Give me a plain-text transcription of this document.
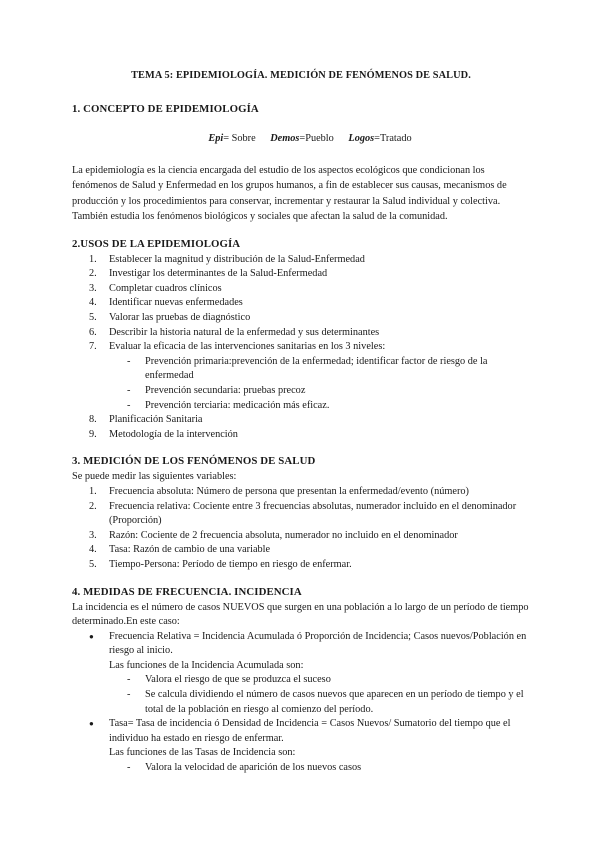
TEMA 5: EPIDEMIOLOGÍA. MEDICIÓN DE FENÓMENOS DE SALUD.
1. CONCEPTO DE EPIDEMIOLOGÍA
Epi= Sobre Demos=Pueblo Logos=Tratado

La epidemiología es la ciencia encargada del estudio de los aspectos ecológicos que condicionan los fenómenos de Salud y Enfermedad en los grupos humanos, a fin de establecer sus causas, mecanismos de producción y los procedimientos para conservar, incrementar y restaurar la Salud individual y colectiva. También estudia los fenómenos biológicos y sociales que afectan la salud de la comunidad.

2.USOS DE LA EPIDEMIOLOGÍA
1. Establecer la magnitud y distribución de la Salud-Enfermedad
2. Investigar los determinantes de la Salud-Enfermedad
3. Completar cuadros clínicos
4. Identificar nuevas enfermedades
5. Valorar las pruebas de diagnóstico
6. Describir la historia natural de la enfermedad y sus determinantes
7. Evaluar la eficacia de las intervenciones sanitarias en los 3 niveles:
- Prevención primaria:prevención de la enfermedad; identificar factor de riesgo de la enfermedad
- Prevención secundaria: pruebas precoz
- Prevención terciaria: medicación más eficaz.
8. Planificación Sanitaria
9. Metodología de la intervención
3. MEDICIÓN DE LOS FENÓMENOS DE SALUD

Se puede medir las siguientes variables:

1. Frecuencia absoluta: Número de persona que presentan la enfermedad/evento (número)
2. Frecuencia relativa: Cociente entre 3 frecuencias absolutas, numerador incluido en el denominador (Proporción)
3. Razón: Cociente de 2 frecuencia absoluta, numerador no incluido en el denominador
4. Tasa: Razón de cambio de una variable
5. Tiempo-Persona: Período de tiempo en riesgo de enfermar.
4. MEDIDAS DE FRECUENCIA. INCIDENCIA

La incidencia es el número de casos NUEVOS que surgen en una población a lo largo de un período de tiempo determinado.En este caso:

● Frecuencia Relativa = Incidencia Acumulada ó Proporción de Incidencia; Casos nuevos/Población en riesgo al inicio.
Las funciones de la Incidencia Acumulada son:
- Valora el riesgo de que se produzca el suceso
- Se calcula dividiendo el número de casos nuevos que aparecen en un período de tiempo y el total de la población en riesgo al comienzo del período.
● Tasa= Tasa de incidencia ó Densidad de Incidencia = Casos Nuevos/ Sumatorio del tiempo que el individuo ha estado en riesgo de enfermar.
Las funciones de las Tasas de Incidencia son:
- Valora la velocidad de aparición de los nuevos casos
